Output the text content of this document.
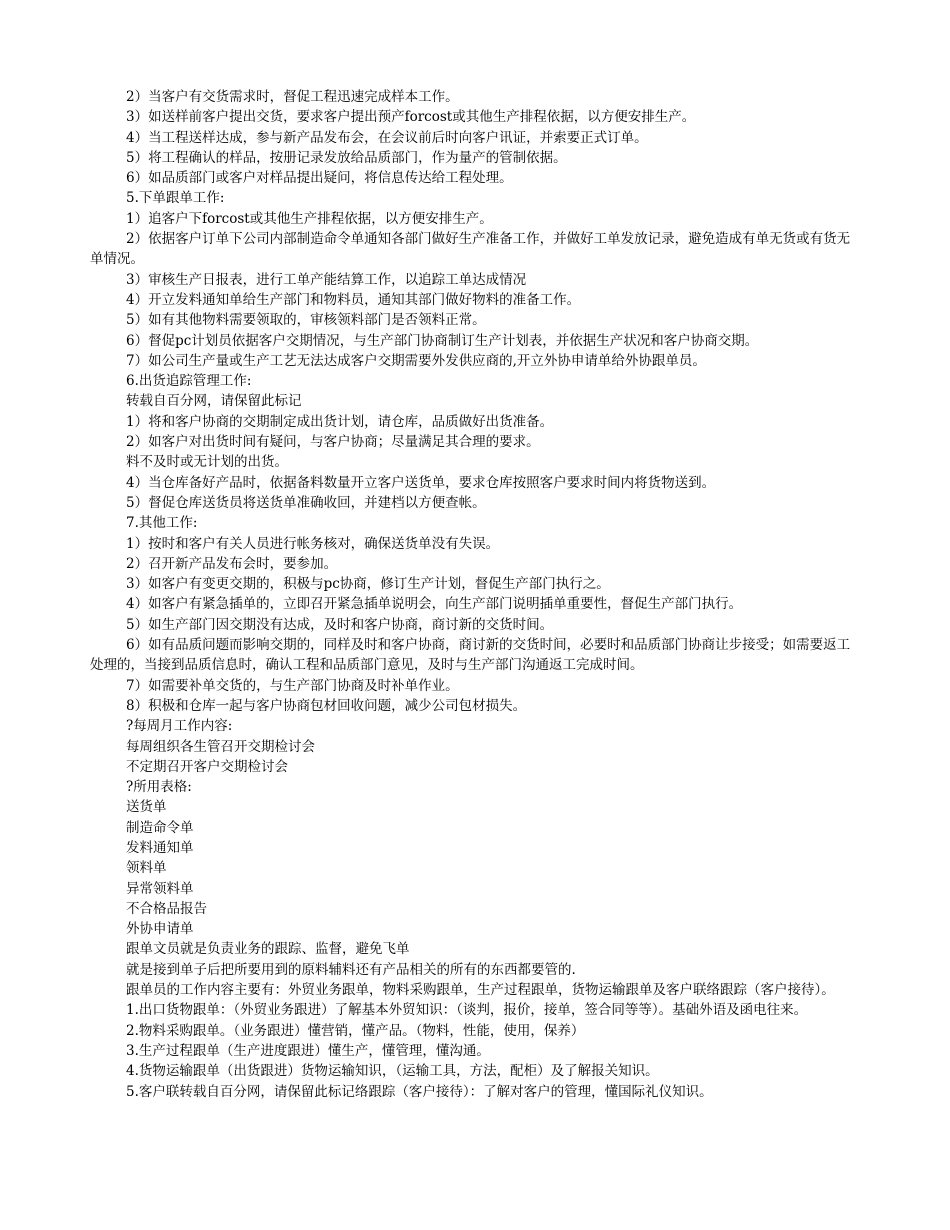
2）当客户有交货需求时，督促工程迅速完成样本工作。

3）如送样前客户提出交货，要求客户提出预产forcost或其他生产排程依据，以方便安排生产。

4）当工程送样达成，参与新产品发布会，在会议前后时向客户讯证，并索要正式订单。

5）将工程确认的样品，按册记录发放给品质部门，作为量产的管制依据。

6）如品质部门或客户对样品提出疑问，将信息传达给工程处理。

5.下单跟单工作:

1）追客户下forcost或其他生产排程依据，以方便安排生产。

2）依据客户订单下公司内部制造命令单通知各部门做好生产准备工作，并做好工单发放记录，避免造成有单无货或有货无单情况。

3）审核生产日报表，进行工单产能结算工作，以追踪工单达成情况

4）开立发料通知单给生产部门和物料员，通知其部门做好物料的准备工作。

5）如有其他物料需要领取的，审核领料部门是否领料正常。

6）督促pc计划员依据客户交期情况，与生产部门协商制订生产计划表，并依据生产状况和客户协商交期。

7）如公司生产量或生产工艺无法达成客户交期需要外发供应商的,开立外协申请单给外协跟单员。

6.出货追踪管理工作:

转载自百分网，请保留此标记

1）将和客户协商的交期制定成出货计划，请仓库，品质做好出货准备。

2）如客户对出货时间有疑问，与客户协商；尽量满足其合理的要求。

料不及时或无计划的出货。

4）当仓库备好产品时，依据备料数量开立客户送货单，要求仓库按照客户要求时间内将货物送到。

5）督促仓库送货员将送货单准确收回，并建档以方便查帐。

7.其他工作:

1）按时和客户有关人员进行帐务核对，确保送货单没有失误。

2）召开新产品发布会时，要参加。

3）如客户有变更交期的，积极与pc协商，修订生产计划，督促生产部门执行之。

4）如客户有紧急插单的，立即召开紧急插单说明会，向生产部门说明插单重要性，督促生产部门执行。

5）如生产部门因交期没有达成，及时和客户协商，商讨新的交货时间。

6）如有品质问题而影响交期的，同样及时和客户协商，商讨新的交货时间，必要时和品质部门协商让步接受；如需要返工处理的，当接到品质信息时，确认工程和品质部门意见，及时与生产部门沟通返工完成时间。

7）如需要补单交货的，与生产部门协商及时补单作业。

8）积极和仓库一起与客户协商包材回收问题，减少公司包材损失。

?每周月工作内容:

每周组织各生管召开交期检讨会

不定期召开客户交期检讨会

?所用表格:

送货单

制造命令单

发料通知单

领料单

异常领料单

不合格品报告

外协申请单

跟单文员就是负责业务的跟踪、监督，避免飞单

就是接到单子后把所要用到的原料辅料还有产品相关的所有的东西都要管的.

跟单员的工作内容主要有：外贸业务跟单，物料采购跟单，生产过程跟单，货物运输跟单及客户联络跟踪（客户接待）。

1.出口货物跟单：（外贸业务跟进）了解基本外贸知识：（谈判，报价，接单，签合同等等）。基础外语及函电往来。

2.物料采购跟单。（业务跟进）懂营销，懂产品。（物料，性能，使用，保养）

3.生产过程跟单（生产进度跟进）懂生产，懂管理，懂沟通。

4.货物运输跟单（出货跟进）货物运输知识，（运输工具，方法，配柜）及了解报关知识。

5.客户联转载自百分网，请保留此标记络跟踪（客户接待）：了解对客户的管理，懂国际礼仪知识。
